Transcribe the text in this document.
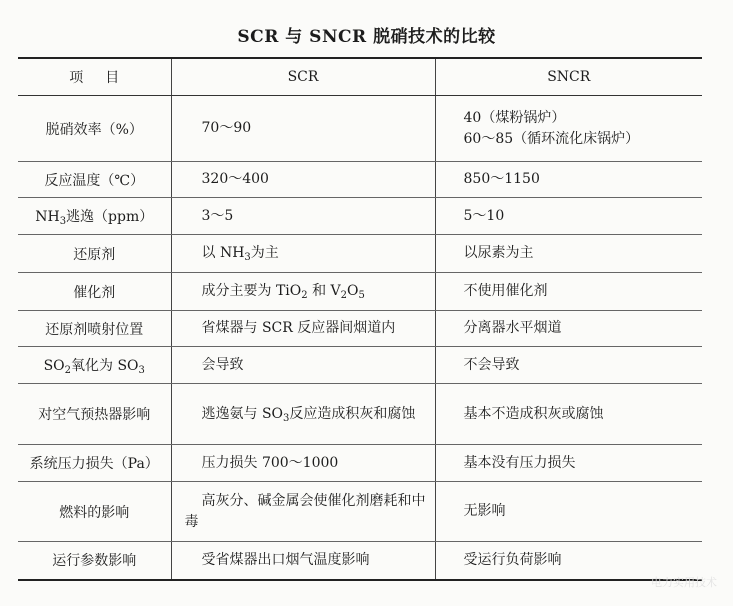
SCR 与 SNCR 脱硝技术的比较
项目	SCR	SNCR
脱硝效率（%）	70～90	40（煤粉锅炉）
60～85（循环流化床锅炉）

反应温度（℃）	320～400	850～1150
$NH_3$逃逸（ppm）	3～5	5～10
还原剂	以 $NH_3$为主	以尿素为主
催化剂	成分主要为 TiO$_2$ 和 $V_2O_5$	不使用催化剂
还原剂喷射位置	省煤器与 SCR 反应器间烟道内	分离器水平烟道
$SO_2$氧化为 $SO_3$	会导致	不会导致
对空气预热器影响	逃逸氨与 $SO_3$反应造成积灰和腐蚀	基本不造成积灰或腐蚀
系统压力损失（Pa）	压力损失 700～1000	基本没有压力损失
燃料的影响	高灰分、碱金属会使催化剂磨耗和中毒	无影响
运行参数影响	受省煤器出口烟气温度影响	受运行负荷影响
电力实用技术
